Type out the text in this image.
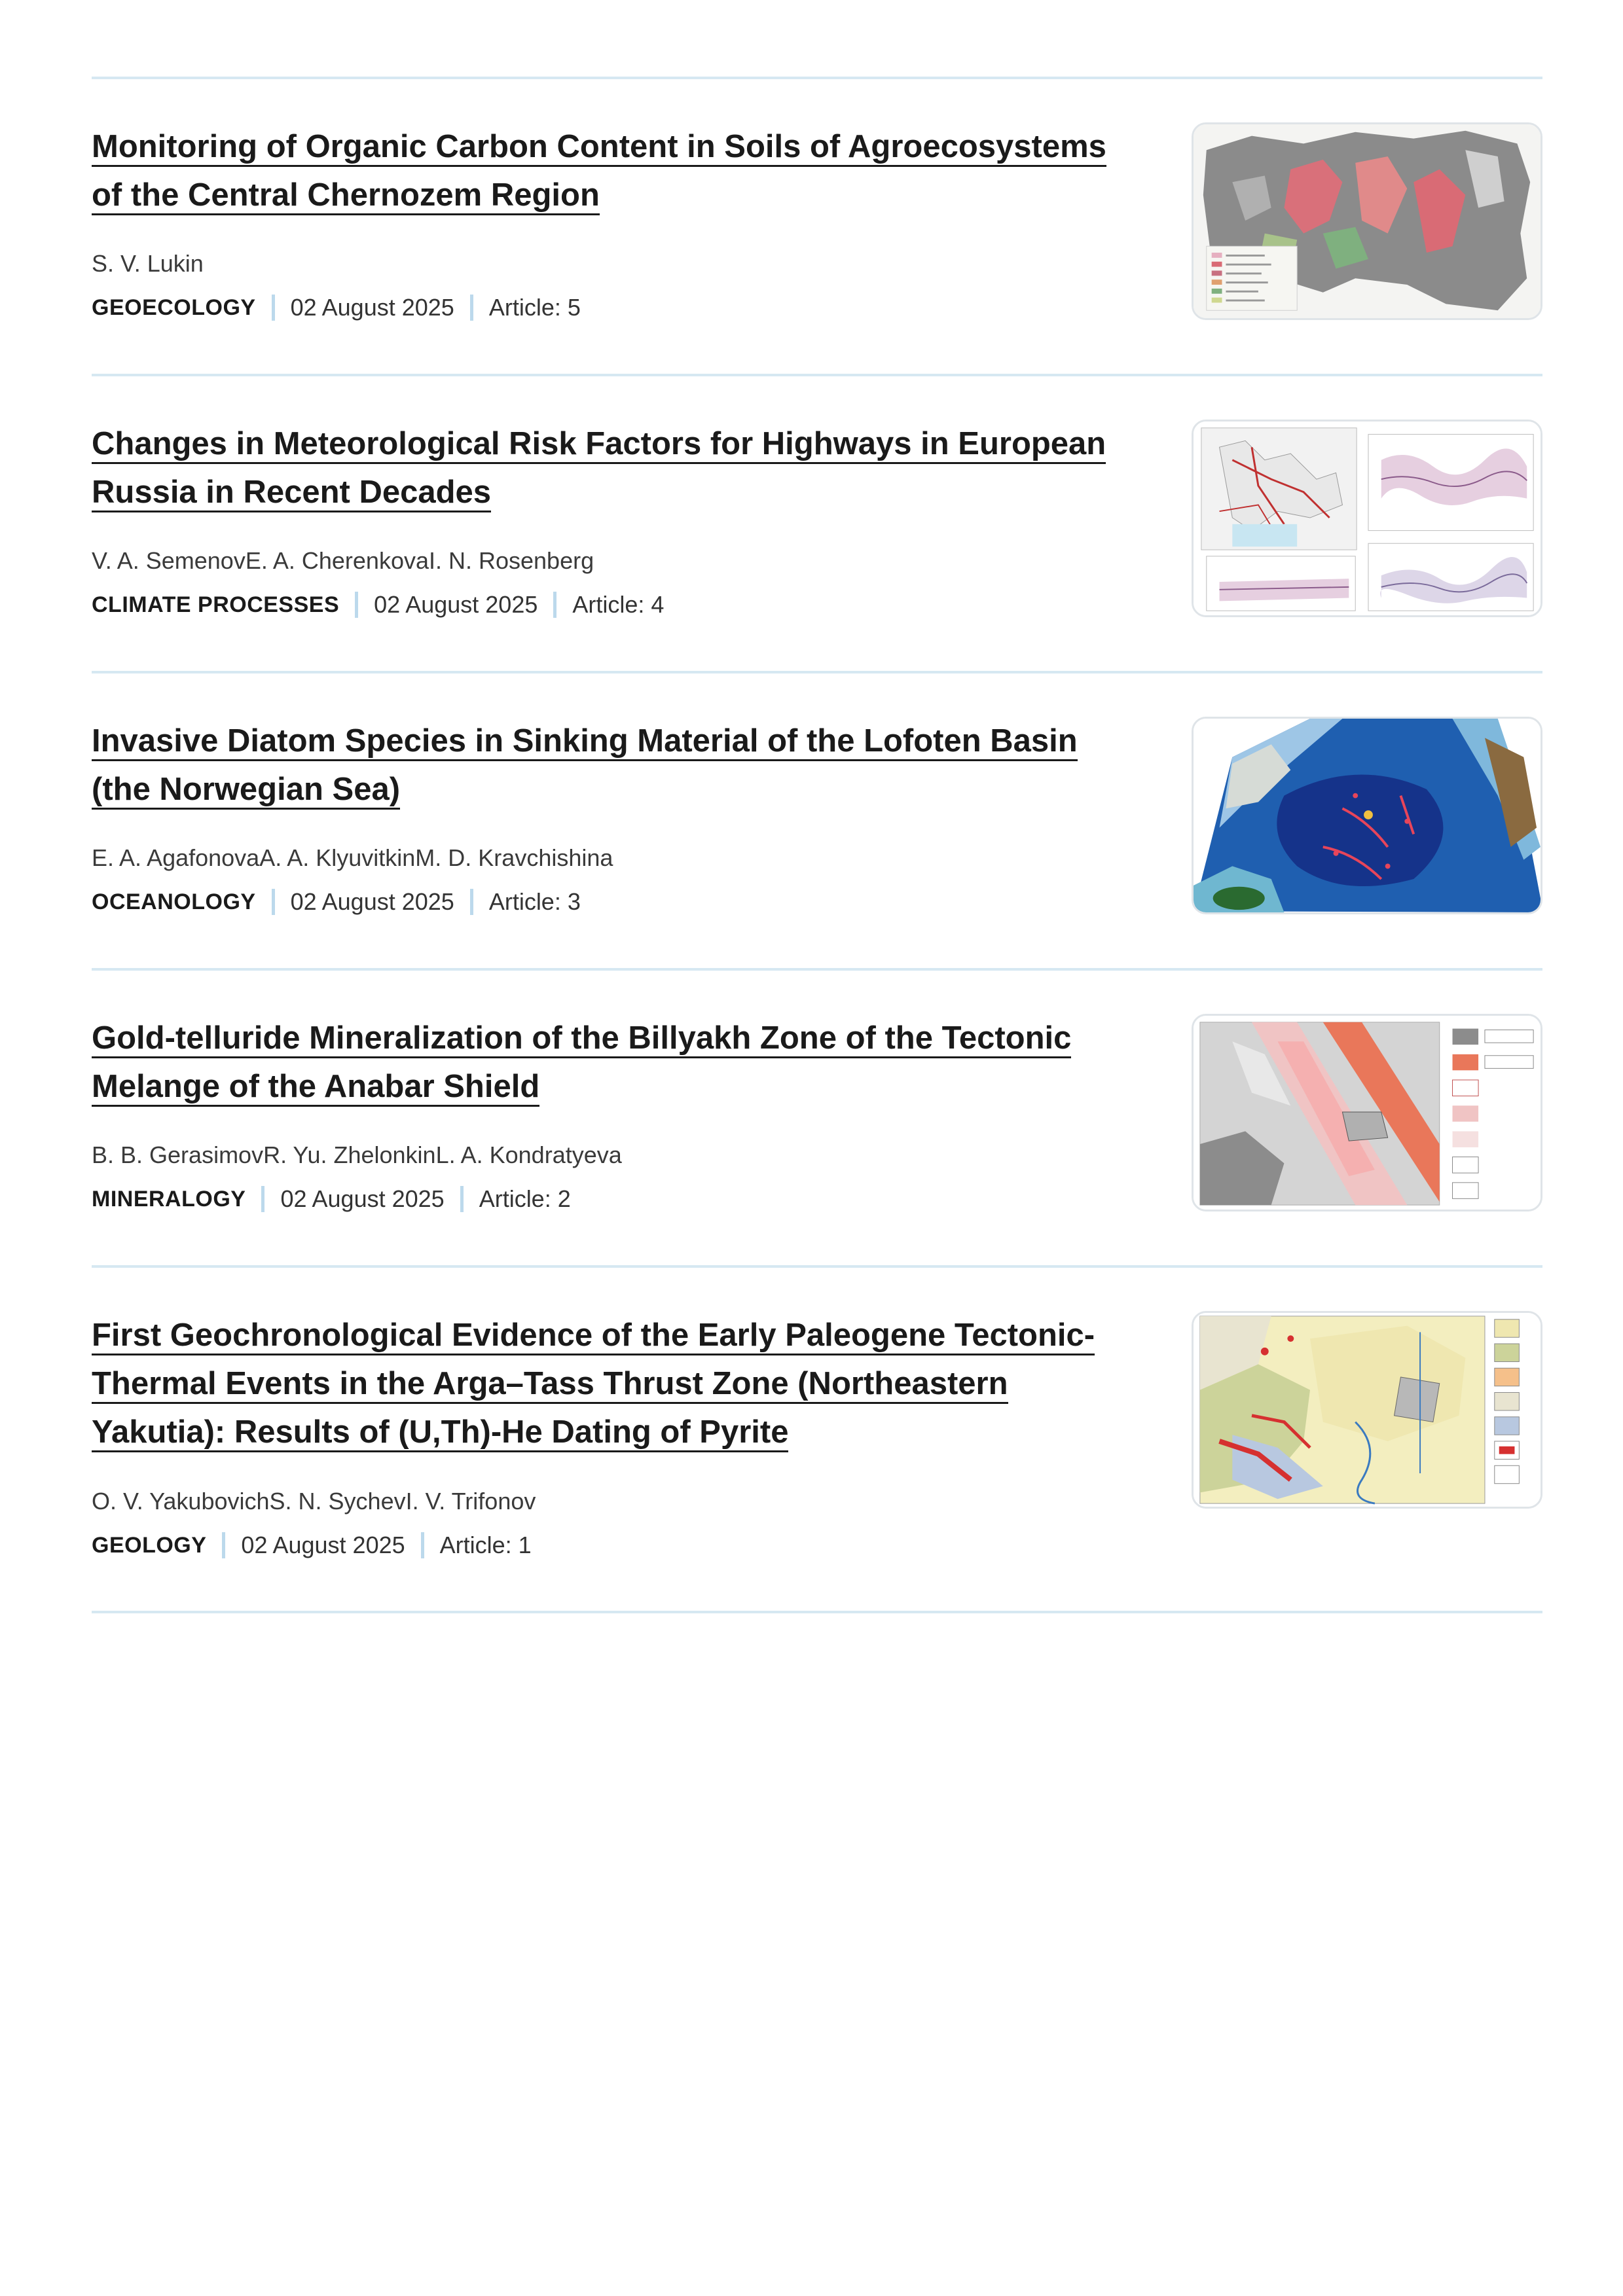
Monitoring of Organic Carbon Content in Soils of Agroecosystems
of the Central Chernozem Region
S. V. Lukin
GEOECOLOGY 02 August 2025 Article: 5
Changes in Meteorological Risk Factors for Highways in European
Russia in Recent Decades
V. A. SemenovE. A. CherenkovaI. N. Rosenberg
CLIMATE PROCESSES 02 August 2025 Article: 4
Invasive Diatom Species in Sinking Material of the Lofoten Basin
(the Norwegian Sea)
E. A. AgafonovaA. A. KlyuvitkinM. D. Kravchishina
OCEANOLOGY 02 August 2025 Article: 3
Gold-telluride Mineralization of the Billyakh Zone of the Tectonic
Melange of the Anabar Shield
B. B. GerasimovR. Yu. ZhelonkinL. A. Kondratyeva
MINERALOGY 02 August 2025 Article: 2
First Geochronological Evidence of the Early Paleogene Tectonic-
Thermal Events in the Arga–Tass Thrust Zone (Northeastern
Yakutia): Results of (U,Th)-He Dating of Pyrite
O. V. YakubovichS. N. SychevI. V. Trifonov
GEOLOGY 02 August 2025 Article: 1
